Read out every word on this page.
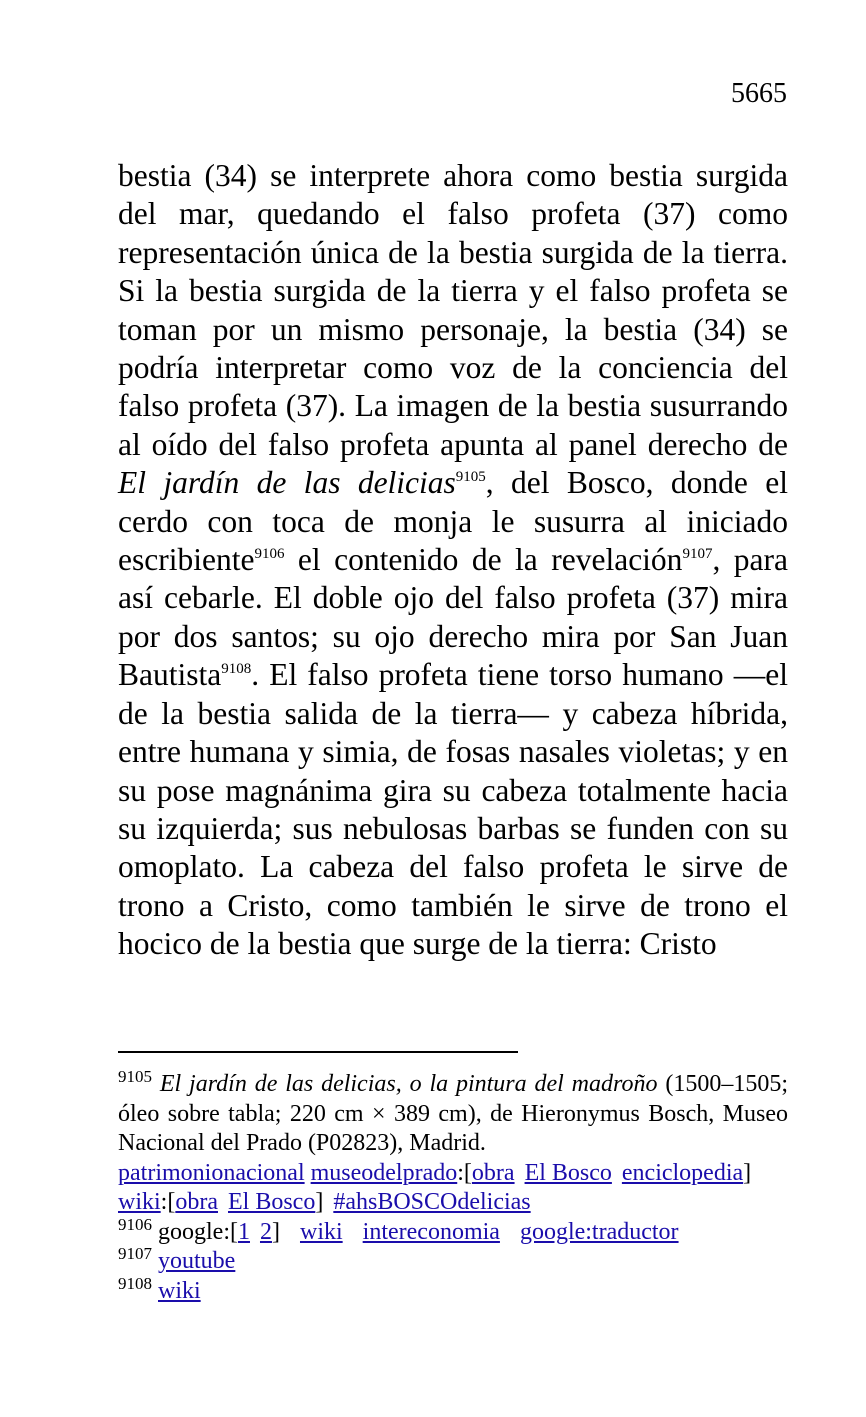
5665

bestia (34) se interprete ahora como bestia surgida del mar, quedando el falso profeta (37) como representación única de la bestia surgida de la tierra. Si la bestia surgida de la tierra y el falso profeta se toman por un mismo personaje, la bestia (34) se podría interpretar como voz de la conciencia del falso profeta (37). La imagen de la bestia susurrando al oído del falso profeta apunta al panel derecho de El jardín de las delicias$^{9105}$, del Bosco, donde el cerdo con toca de monja le susurra al iniciado escribiente$^{9106}$ el contenido de la revelación$^{9107}$, para así cebarle. El doble ojo del falso profeta (37) mira por dos santos; su ojo derecho mira por San Juan Bautista$^{9108}$. El falso profeta tiene torso humano —el de la bestia salida de la tierra— y cabeza híbrida, entre humana y simia, de fosas nasales violetas; y en su pose magnánima gira su cabeza totalmente hacia su izquierda; sus nebulosas barbas se funden con su omoplato. La cabeza del falso profeta le sirve de trono a Cristo, como también le sirve de trono el hocico de la bestia que surge de la tierra: Cristo

$^{9105}$ El jardín de las delicias, o la pintura del madroño (1500–1505; óleo sobre tabla; 220 cm × 389 cm), de Hieronymus Bosch, Museo Nacional del Prado (P02823), Madrid.

patrimonionacional museodelprado:[obra El Bosco enciclopedia]

wiki:[obra El Bosco] #ahsBOSCOdelicias

$^{9106}$ google:[1 2] wiki intereconomia google:traductor

$^{9107}$ youtube

$^{9108}$ wiki
